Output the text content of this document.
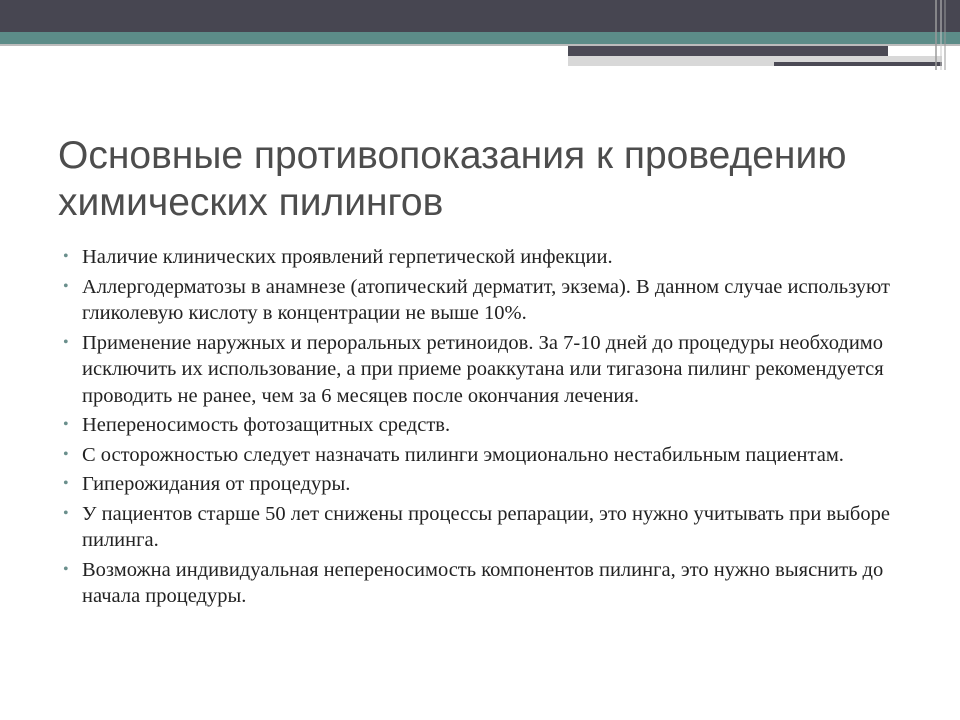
Основные противопоказания к проведению химических пилингов
• Наличие клинических проявлений герпетической инфекции.
• Аллергодерматозы в анамнезе (атопический дерматит, экзема). В данном случае используют гликолевую кислоту в концентрации не выше 10%.
• Применение наружных и пероральных ретиноидов. За 7-10 дней до процедуры необходимо исключить их использование, а при приеме роаккутана или тигазона пилинг рекомендуется проводить не ранее, чем за 6 месяцев после окончания лечения.
• Непереносимость фотозащитных средств.
• С осторожностью следует назначать пилинги эмоционально нестабильным пациентам.
• Гиперожидания от процедуры.
• У пациентов старше 50 лет снижены процессы репарации, это нужно учитывать при выборе пилинга.
• Возможна индивидуальная непереносимость компонентов пилинга, это нужно выяснить до начала процедуры.
